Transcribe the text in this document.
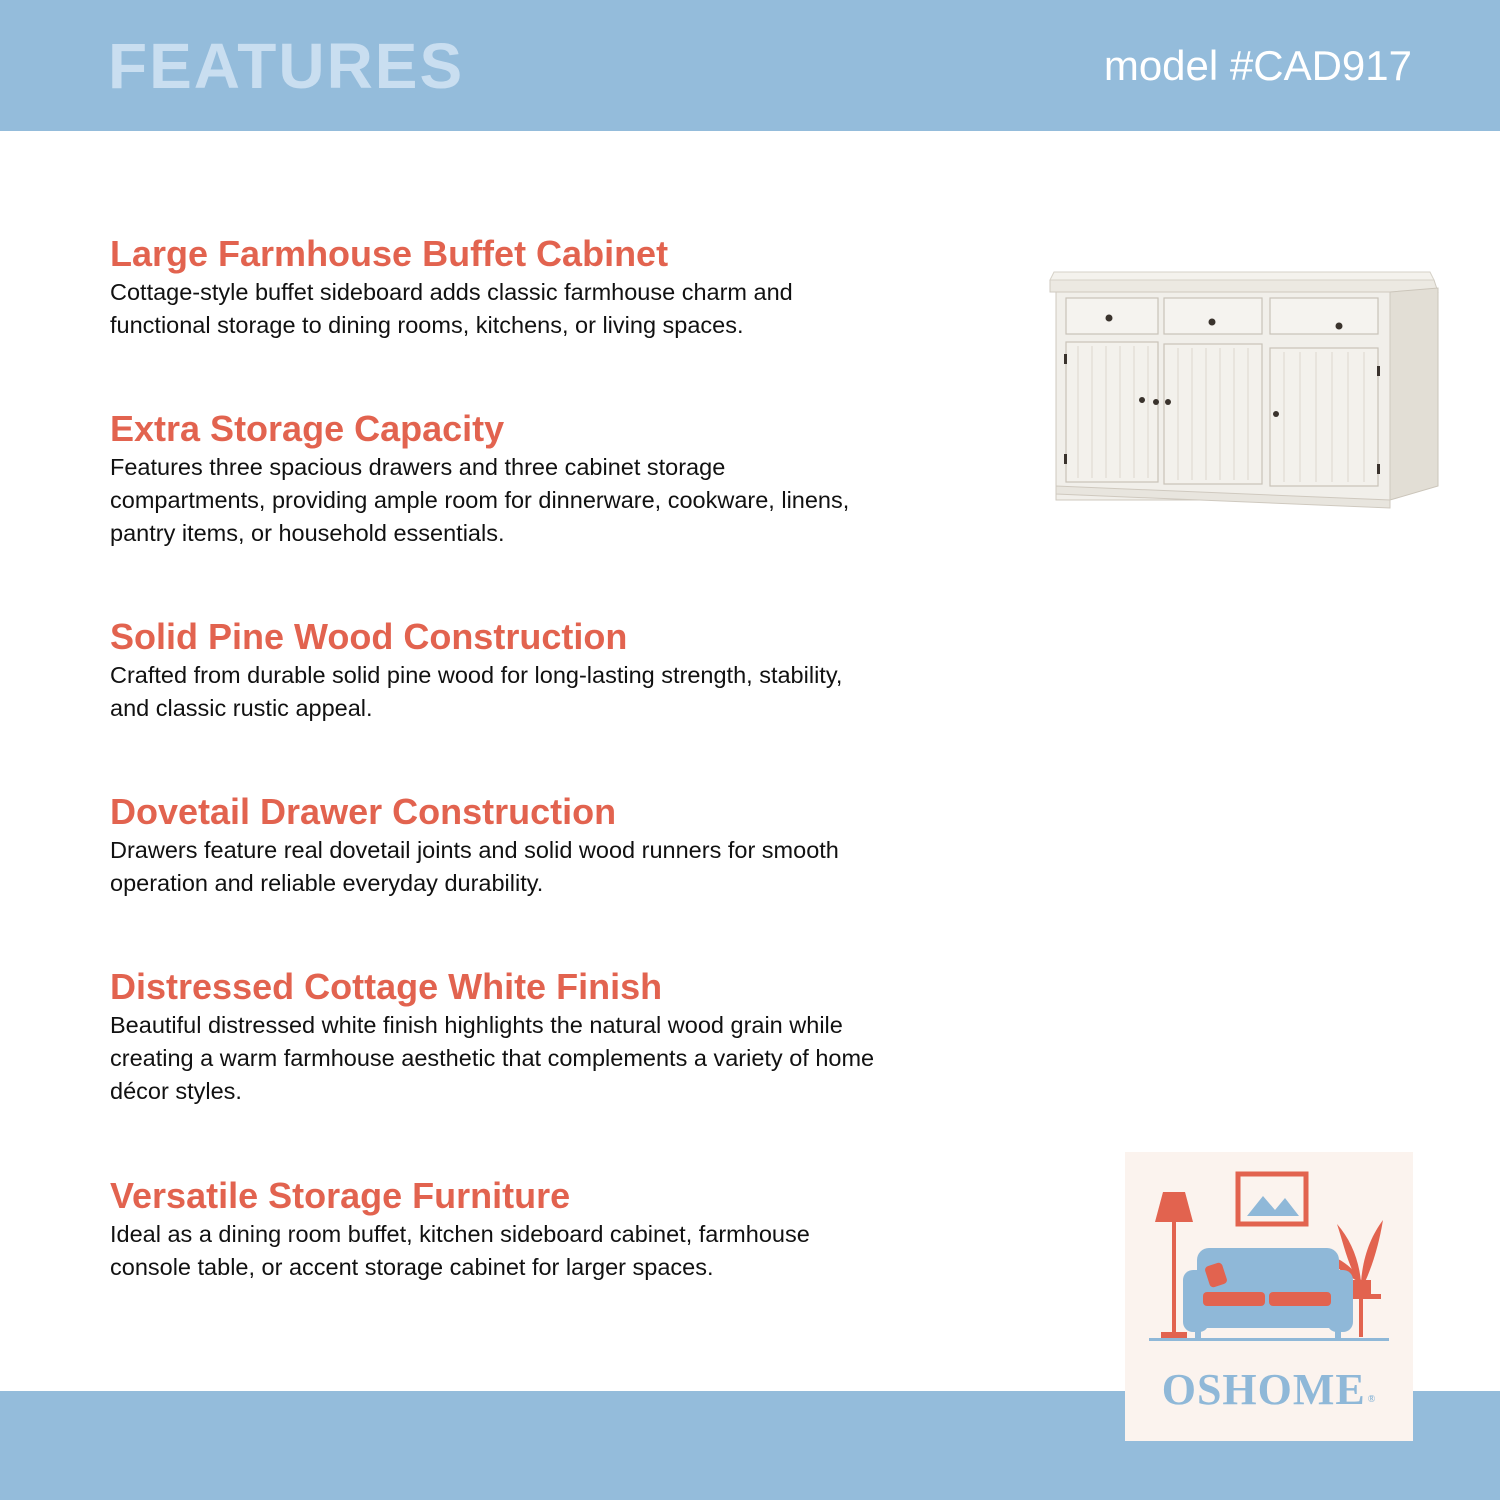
FEATURES	model #CAD917

Large Farmhouse Buffet Cabinet

Cottage-style buffet sideboard adds classic farmhouse charm and
functional storage to dining rooms, kitchens, or living spaces.

Extra Storage Capacity

Features three spacious drawers and three cabinet storage
compartments, providing ample room for dinnerware, cookware, linens,
pantry items, or household essentials.

Solid Pine Wood Construction

Crafted from durable solid pine wood for long-lasting strength, stability,
and classic rustic appeal.

Dovetail Drawer Construction

Drawers feature real dovetail joints and solid wood runners for smooth
operation and reliable everyday durability.

Distressed Cottage White Finish

Beautiful distressed white finish highlights the natural wood grain while
creating a warm farmhouse aesthetic that complements a variety of home
décor styles.

Versatile Storage Furniture

Ideal as a dining room buffet, kitchen sideboard cabinet, farmhouse
console table, or accent storage cabinet for larger spaces.

OSHOME ®
